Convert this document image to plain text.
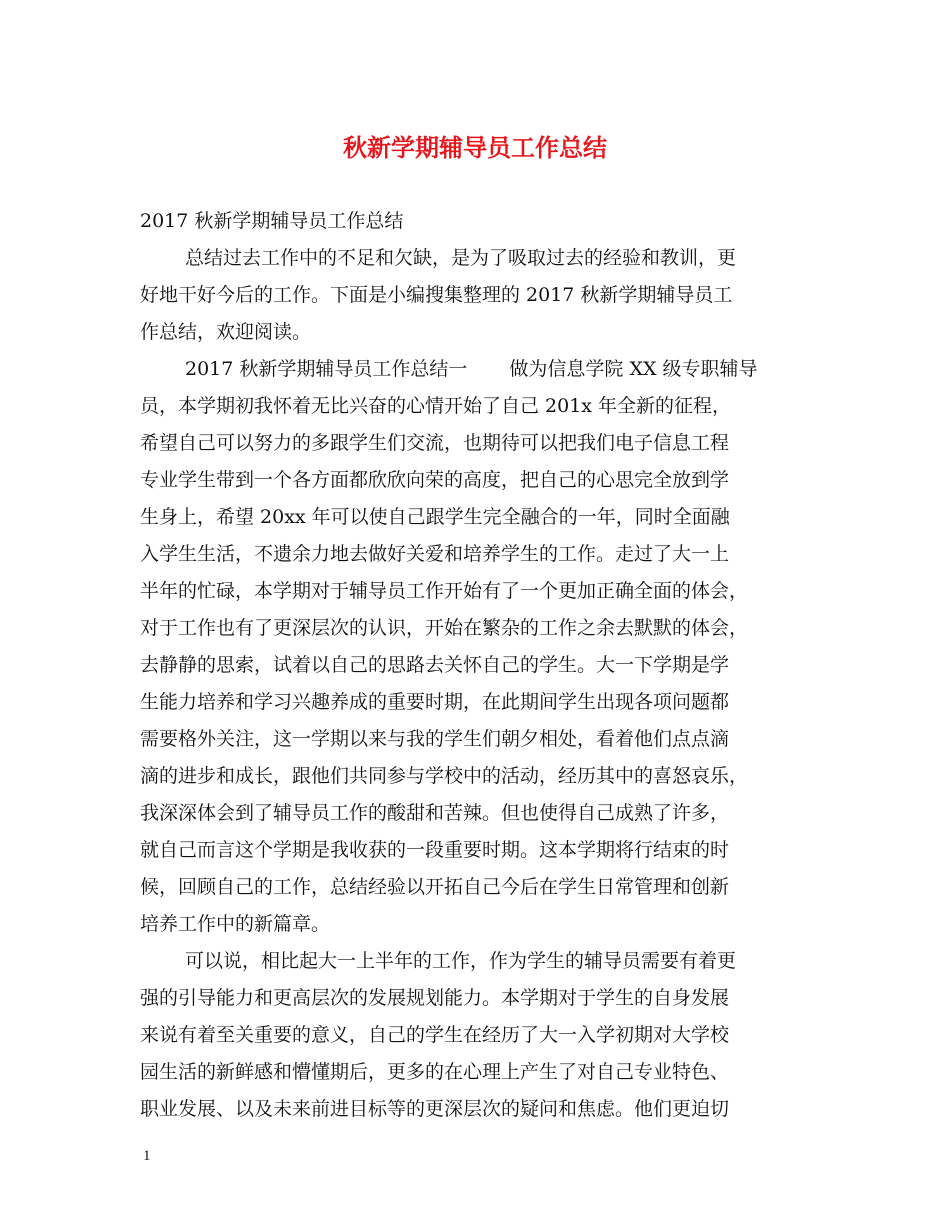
秋新学期辅导员工作总结
2017 秋新学期辅导员工作总结
总结过去工作中的不足和欠缺，是为了吸取过去的经验和教训，更
好地干好今后的工作。下面是小编搜集整理的 2017 秋新学期辅导员工
作总结，欢迎阅读。
2017 秋新学期辅导员工作总结一 做为信息学院 XX 级专职辅导
员，本学期初我怀着无比兴奋的心情开始了自己 201x 年全新的征程，
希望自己可以努力的多跟学生们交流，也期待可以把我们电子信息工程
专业学生带到一个各方面都欣欣向荣的高度，把自己的心思完全放到学
生身上，希望 20xx 年可以使自己跟学生完全融合的一年，同时全面融
入学生生活，不遗余力地去做好关爱和培养学生的工作。走过了大一上
半年的忙碌，本学期对于辅导员工作开始有了一个更加正确全面的体会，
对于工作也有了更深层次的认识，开始在繁杂的工作之余去默默的体会，
去静静的思索，试着以自己的思路去关怀自己的学生。大一下学期是学
生能力培养和学习兴趣养成的重要时期，在此期间学生出现各项问题都
需要格外关注，这一学期以来与我的学生们朝夕相处，看着他们点点滴
滴的进步和成长，跟他们共同参与学校中的活动，经历其中的喜怒哀乐，
我深深体会到了辅导员工作的酸甜和苦辣。但也使得自己成熟了许多，
就自己而言这个学期是我收获的一段重要时期。这本学期将行结束的时
候，回顾自己的工作，总结经验以开拓自己今后在学生日常管理和创新
培养工作中的新篇章。
可以说，相比起大一上半年的工作，作为学生的辅导员需要有着更
强的引导能力和更高层次的发展规划能力。本学期对于学生的自身发展
来说有着至关重要的意义，自己的学生在经历了大一入学初期对大学校
园生活的新鲜感和懵懂期后，更多的在心理上产生了对自己专业特色、
职业发展、以及未来前进目标等的更深层次的疑问和焦虑。他们更迫切
1
